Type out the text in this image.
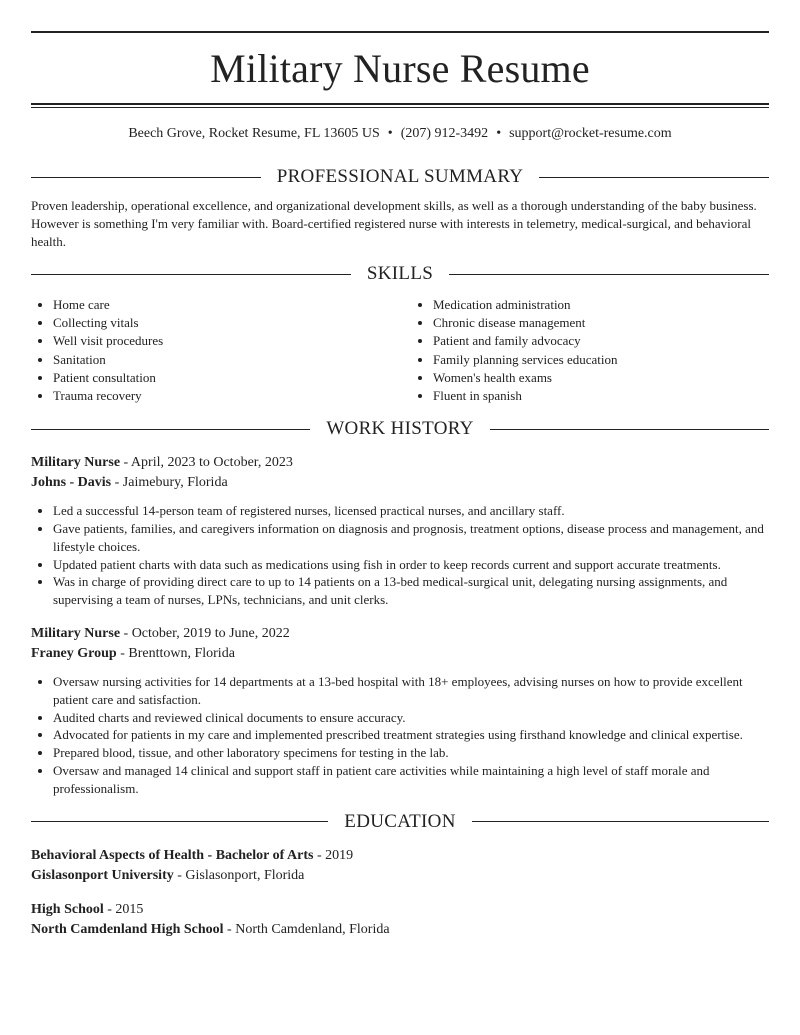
Military Nurse Resume
Beech Grove, Rocket Resume, FL 13605 US • (207) 912-3492 • support@rocket-resume.com
PROFESSIONAL SUMMARY

Proven leadership, operational excellence, and organizational development skills, as well as a thorough understanding of the baby business. However is something I'm very familiar with. Board-certified registered nurse with interests in telemetry, medical-surgical, and behavioral health.

SKILLS
• Home care
• Collecting vitals
• Well visit procedures
• Sanitation
• Patient consultation
• Trauma recovery
• Medication administration
• Chronic disease management
• Patient and family advocacy
• Family planning services education
• Women's health exams
• Fluent in spanish
WORK HISTORY
Military Nurse - April, 2023 to October, 2023
Johns - Davis - Jaimebury, Florida
• Led a successful 14-person team of registered nurses, licensed practical nurses, and ancillary staff.
• Gave patients, families, and caregivers information on diagnosis and prognosis, treatment options, disease process and management, and lifestyle choices.
• Updated patient charts with data such as medications using fish in order to keep records current and support accurate treatments.
• Was in charge of providing direct care to up to 14 patients on a 13-bed medical-surgical unit, delegating nursing assignments, and supervising a team of nurses, LPNs, technicians, and unit clerks.
Military Nurse - October, 2019 to June, 2022
Franey Group - Brenttown, Florida
• Oversaw nursing activities for 14 departments at a 13-bed hospital with 18+ employees, advising nurses on how to provide excellent patient care and satisfaction.
• Audited charts and reviewed clinical documents to ensure accuracy.
• Advocated for patients in my care and implemented prescribed treatment strategies using firsthand knowledge and clinical expertise.
• Prepared blood, tissue, and other laboratory specimens for testing in the lab.
• Oversaw and managed 14 clinical and support staff in patient care activities while maintaining a high level of staff morale and professionalism.
EDUCATION
Behavioral Aspects of Health - Bachelor of Arts - 2019
Gislasonport University - Gislasonport, Florida
High School - 2015
North Camdenland High School - North Camdenland, Florida
